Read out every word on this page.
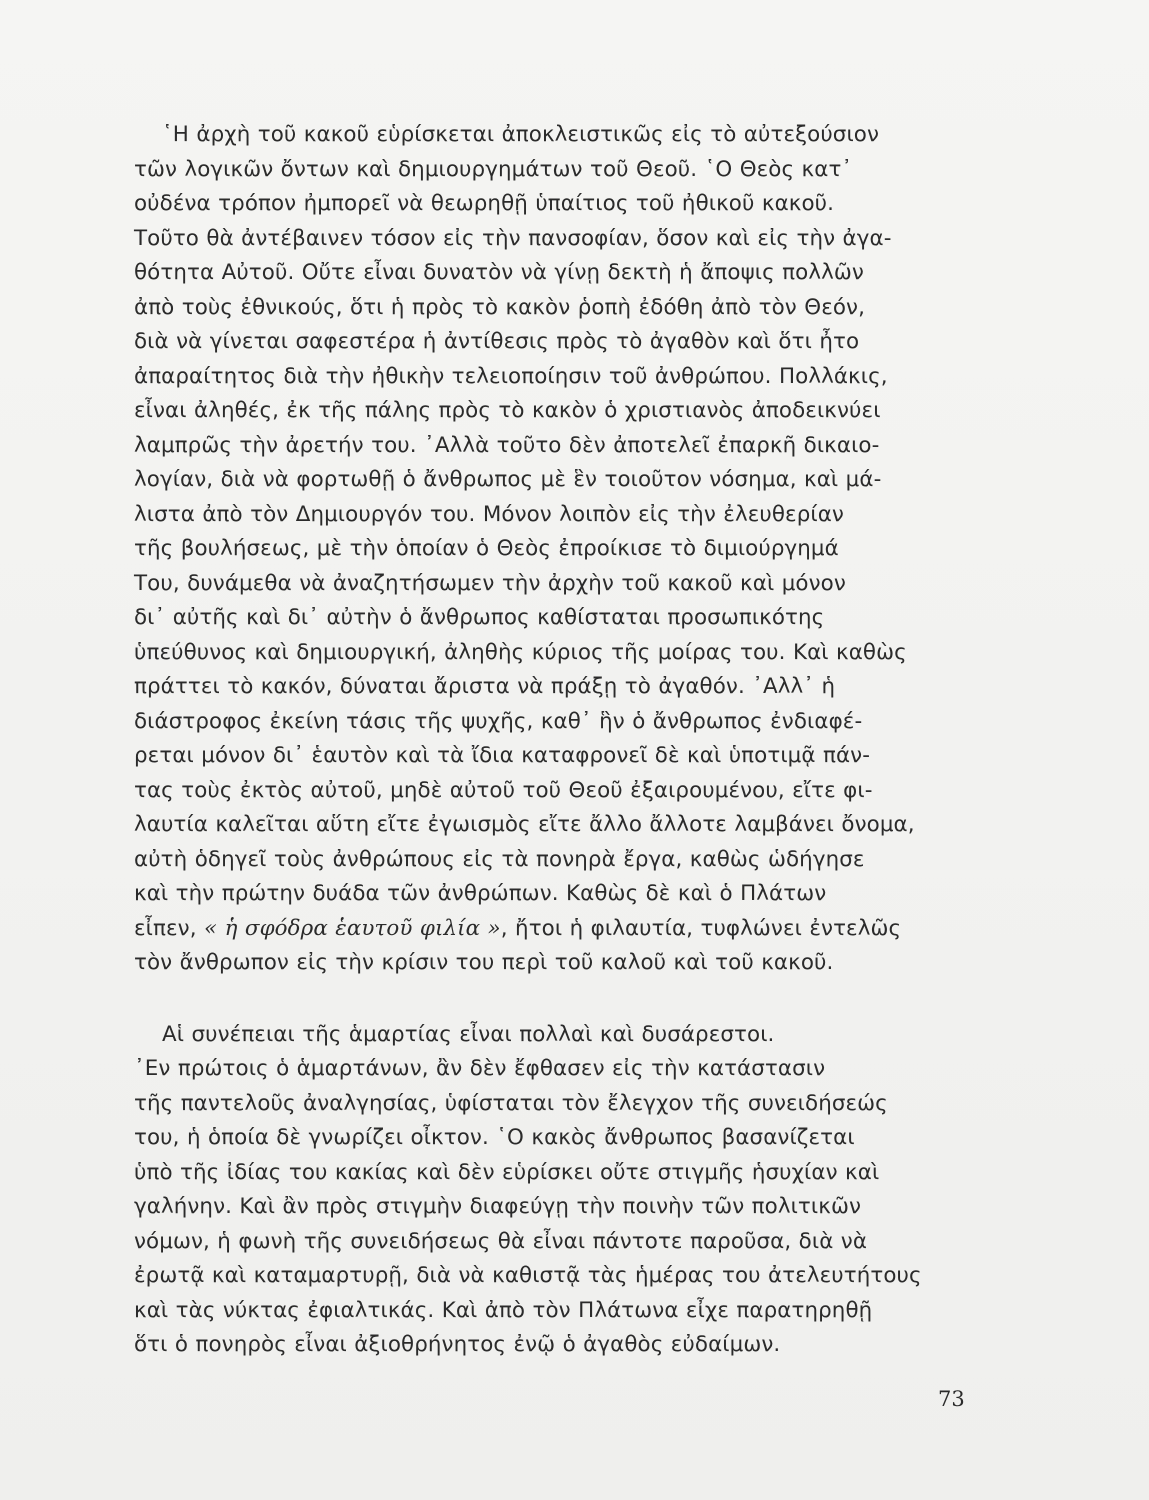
῾Η ἀρχὴ τοῦ κακοῦ εὑρίσκεται ἀποκλειστικῶς εἰς τὸ αὐτεξούσιον
τῶν λογικῶν ὄντων καὶ δημιουργημάτων τοῦ Θεοῦ. ῾Ο Θεὸς κατ᾽
οὐδένα τρόπον ἠμπορεῖ νὰ θεωρηθῇ ὑπαίτιος τοῦ ἠθικοῦ κακοῦ.
Τοῦτο θὰ ἀντέβαινεν τόσον εἰς τὴν πανσοφίαν, ὅσον καὶ εἰς τὴν ἀγα-
θότητα Αὐτοῦ. Οὔτε εἶναι δυνατὸν νὰ γίνῃ δεκτὴ ἡ ἄποψις πολλῶν
ἀπὸ τοὺς ἐθνικούς, ὅτι ἡ πρὸς τὸ κακὸν ῥοπὴ ἐδόθη ἀπὸ τὸν Θεόν,
διὰ νὰ γίνεται σαφεστέρα ἡ ἀντίθεσις πρὸς τὸ ἀγαθὸν καὶ ὅτι ἦτο
ἀπαραίτητος διὰ τὴν ἠθικὴν τελειοποίησιν τοῦ ἀνθρώπου. Πολλάκις,
εἶναι ἀληθές, ἐκ τῆς πάλης πρὸς τὸ κακὸν ὁ χριστιανὸς ἀποδεικνύει
λαμπρῶς τὴν ἀρετήν του. ᾿Αλλὰ τοῦτο δὲν ἀποτελεῖ ἐπαρκῆ δικαιο-
λογίαν, διὰ νὰ φορτωθῇ ὁ ἄνθρωπος μὲ ἓν τοιοῦτον νόσημα, καὶ μά-
λιστα ἀπὸ τὸν Δημιουργόν του. Μόνον λοιπὸν εἰς τὴν ἐλευθερίαν
τῆς βουλήσεως, μὲ τὴν ὁποίαν ὁ Θεὸς ἐπροίκισε τὸ διμιούργημά
Του, δυνάμεθα νὰ ἀναζητήσωμεν τὴν ἀρχὴν τοῦ κακοῦ καὶ μόνον
δι᾽ αὐτῆς καὶ δι᾽ αὐτὴν ὁ ἄνθρωπος καθίσταται προσωπικότης
ὑπεύθυνος καὶ δημιουργική, ἀληθὴς κύριος τῆς μοίρας του. Καὶ καθὼς
πράττει τὸ κακόν, δύναται ἄριστα νὰ πράξῃ τὸ ἀγαθόν. ᾿Αλλ᾽ ἡ
διάστροφος ἐκείνη τάσις τῆς ψυχῆς, καθ᾽ ἣν ὁ ἄνθρωπος ἐνδιαφέ-
ρεται μόνον δι᾽ ἑαυτὸν καὶ τὰ ἴδια καταφρονεῖ δὲ καὶ ὑποτιμᾷ πάν-
τας τοὺς ἐκτὸς αὐτοῦ, μηδὲ αὐτοῦ τοῦ Θεοῦ ἐξαιρουμένου, εἴτε φι-
λαυτία καλεῖται αὕτη εἴτε ἐγωισμὸς εἴτε ἄλλο ἄλλοτε λαμβάνει ὄνομα,
αὐτὴ ὁδηγεῖ τοὺς ἀνθρώπους εἰς τὰ πονηρὰ ἔργα, καθὼς ὡδήγησε
καὶ τὴν πρώτην δυάδα τῶν ἀνθρώπων. Καθὼς δὲ καὶ ὁ Πλάτων
εἶπεν, « ἡ σφόδρα ἑαυτοῦ φιλία », ἤτοι ἡ φιλαυτία, τυφλώνει ἐντελῶς
τὸν ἄνθρωπον εἰς τὴν κρίσιν του περὶ τοῦ καλοῦ καὶ τοῦ κακοῦ.
Αἱ συνέπειαι τῆς ἁμαρτίας εἶναι πολλαὶ καὶ δυσάρεστοι.
᾿Εν πρώτοις ὁ ἁμαρτάνων, ἂν δὲν ἔφθασεν εἰς τὴν κατάστασιν
τῆς παντελοῦς ἀναλγησίας, ὑφίσταται τὸν ἔλεγχον τῆς συνειδήσεώς
του, ἡ ὁποία δὲ γνωρίζει οἶκτον. ῾Ο κακὸς ἄνθρωπος βασανίζεται
ὑπὸ τῆς ἰδίας του κακίας καὶ δὲν εὑρίσκει οὔτε στιγμῆς ἡσυχίαν καὶ
γαλήνην. Καὶ ἂν πρὸς στιγμὴν διαφεύγῃ τὴν ποινὴν τῶν πολιτικῶν
νόμων, ἡ φωνὴ τῆς συνειδήσεως θὰ εἶναι πάντοτε παροῦσα, διὰ νὰ
ἐρωτᾷ καὶ καταμαρτυρῇ, διὰ νὰ καθιστᾷ τὰς ἡμέρας του ἀτελευτήτους
καὶ τὰς νύκτας ἐφιαλτικάς. Καὶ ἀπὸ τὸν Πλάτωνα εἶχε παρατηρηθῇ
ὅτι ὁ πονηρὸς εἶναι ἀξιοθρήνητος ἐνῷ ὁ ἀγαθὸς εὐδαίμων.
73
